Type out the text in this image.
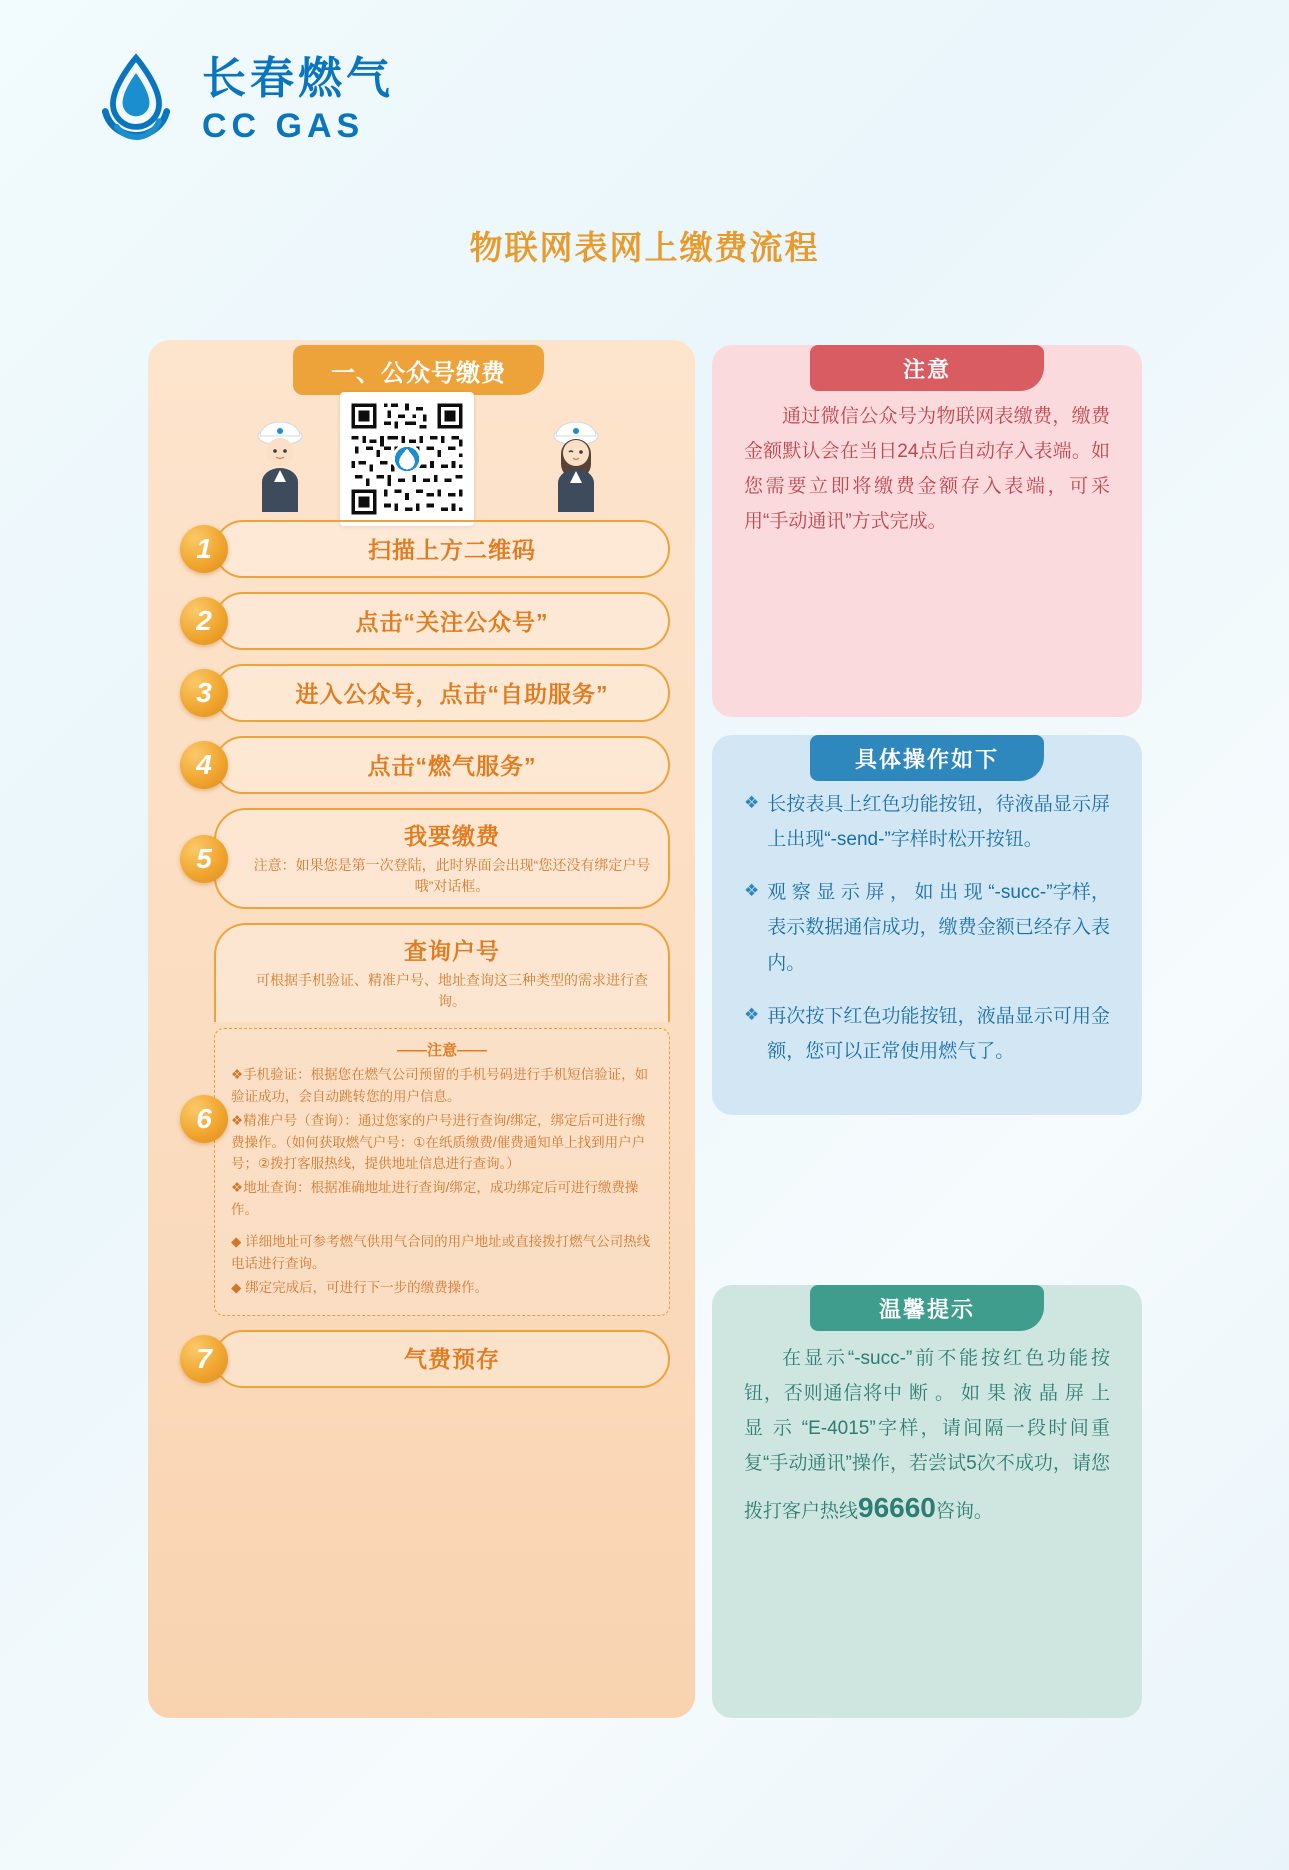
长春燃气
CC GAS
物联网表网上缴费流程
一、公众号缴费
1	扫描上方二维码
2	点击“关注公众号”
3	进入公众号，点击“自助服务”
4	点击“燃气服务”
5
我要缴费
注意：如果您是第一次登陆，此时界面会出现“您还没有绑定户号哦”对话框。
6
查询户号
可根据手机验证、精准户号、地址查询这三种类型的需求进行查询。
——注意——

❖手机验证：根据您在燃气公司预留的手机号码进行手机短信验证，如验证成功，会自动跳转您的用户信息。

❖精准户号（查询）：通过您家的户号进行查询/绑定，绑定后可进行缴费操作。（如何获取燃气户号：①在纸质缴费/催费通知单上找到用户户号；②拨打客服热线，提供地址信息进行查询。）

❖地址查询：根据准确地址进行查询/绑定，成功绑定后可进行缴费操作。

◆ 详细地址可参考燃气供用气合同的用户地址或直接拨打燃气公司热线电话进行查询。

◆ 绑定完成后，可进行下一步的缴费操作。

7	气费预存

通过微信公众号为物联网表缴费，缴费金额默认会在当日24点后自动存入表端。如您需要立即将缴费金额存入表端，可采用“手动通讯”方式完成。

注意
❖ 长按表具上红色功能按钮，待液晶显示屏上出现“-send-”字样时松开按钮。
❖ 观 察 显 示 屏 ， 如 出 现 “-succ-”字样，表示数据通信成功，缴费金额已经存入表内。
❖ 再次按下红色功能按钮，液晶显示可用金额，您可以正常使用燃气了。
具体操作如下

在显示“-succ-”前不能按红色功能按钮，否则通信将中 断 。 如 果 液 晶 屏 上 显 示 “E-4015”字样，请间隔一段时间重复“手动通讯”操作，若尝试5次不成功，请您拨打客户热线96660咨询。

温馨提示
